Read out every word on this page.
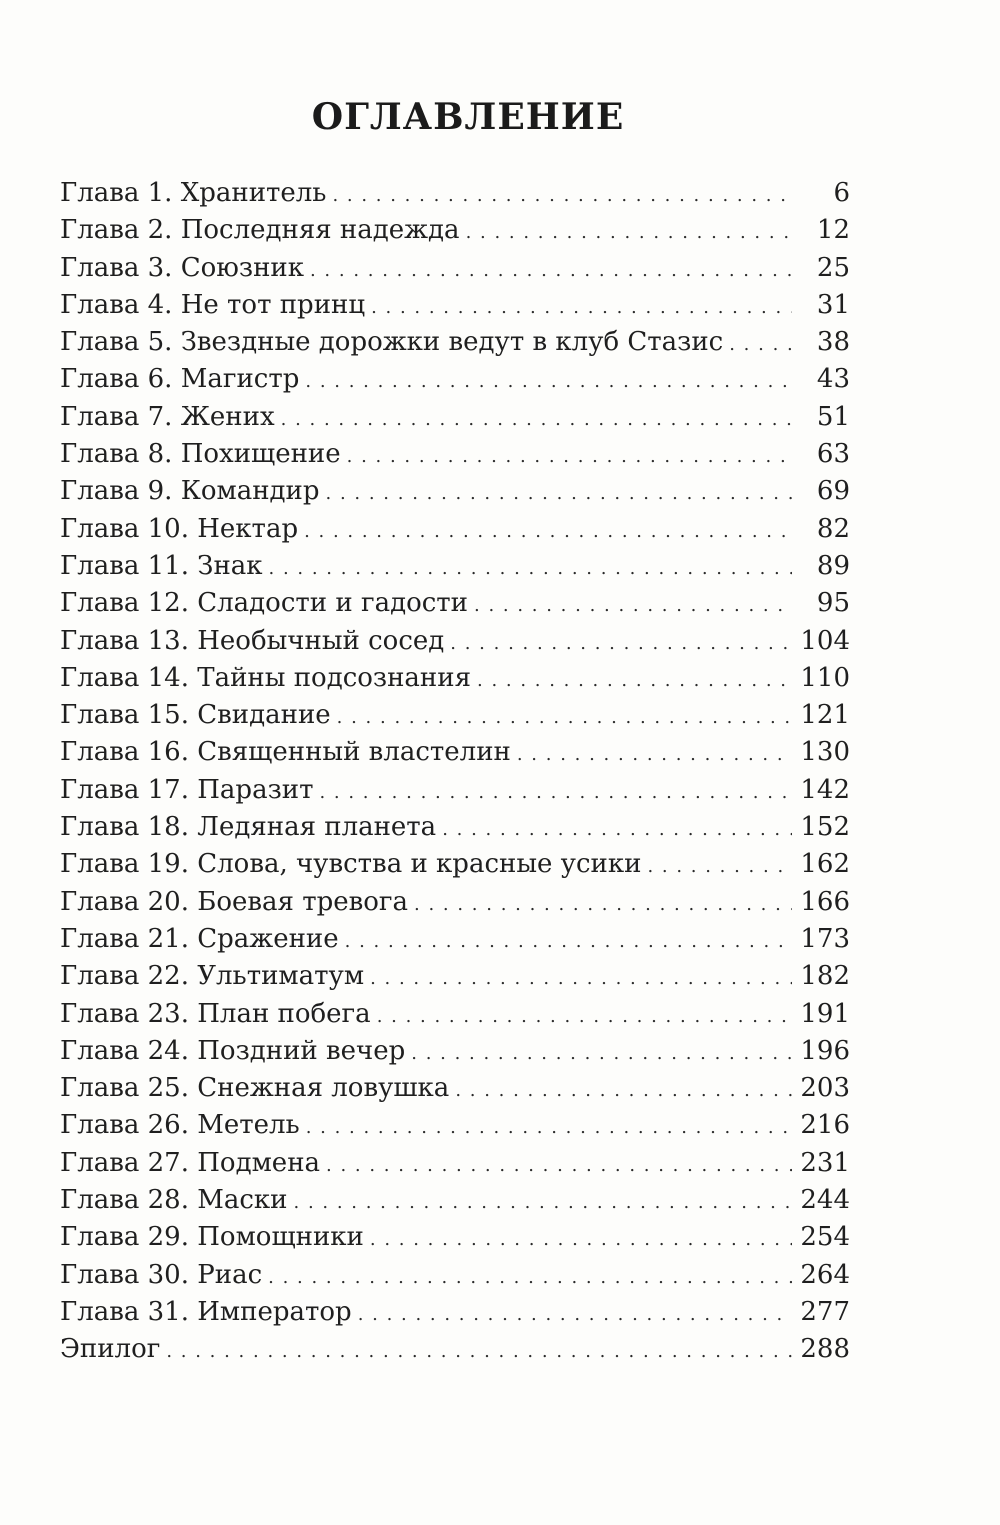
ОГЛАВЛЕНИЕ
Глава 1. Хранитель . . .	6
Глава 2. Последняя надежда . . .	12
Глава 3. Союзник . . .	25
Глава 4. Не тот принц . . .	31
Глава 5. Звездные дорожки ведут в клуб Стазис . . .	38
Глава 6. Магистр . . .	43
Глава 7. Жених . . .	51
Глава 8. Похищение . . .	63
Глава 9. Командир . . .	69
Глава 10. Нектар . . .	82
Глава 11. Знак . . .	89
Глава 12. Сладости и гадости . . .	95
Глава 13. Необычный сосед . . .	104
Глава 14. Тайны подсознания . . .	110
Глава 15. Свидание . . .	121
Глава 16. Священный властелин . . .	130
Глава 17. Паразит . . .	142
Глава 18. Ледяная планета . . .	152
Глава 19. Слова, чувства и красные усики . . .	162
Глава 20. Боевая тревога . . .	166
Глава 21. Сражение . . .	173
Глава 22. Ультиматум . . .	182
Глава 23. План побега . . .	191
Глава 24. Поздний вечер . . .	196
Глава 25. Снежная ловушка . . .	203
Глава 26. Метель . . .	216
Глава 27. Подмена . . .	231
Глава 28. Маски . . .	244
Глава 29. Помощники . . .	254
Глава 30. Риас . . .	264
Глава 31. Император . . .	277
Эпилог . . .	288
